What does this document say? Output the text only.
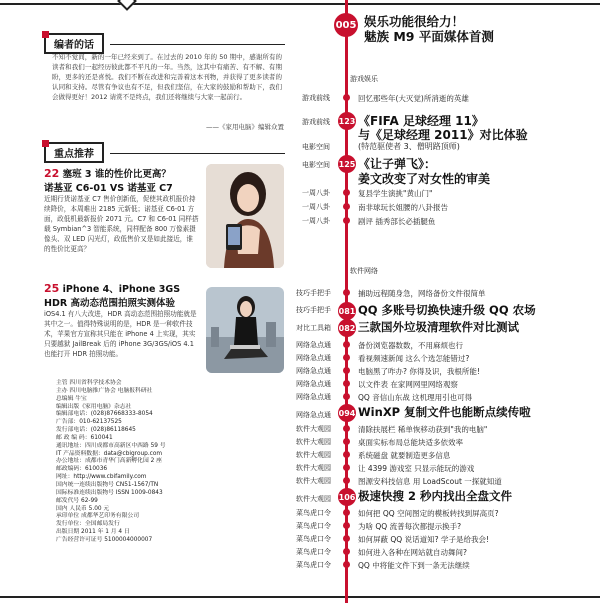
编者的话
不知不觉间，新的一年已经来到了。在过去的 2010 年的 50 期中，感谢所有的读者和我们一起经历彼此都不平凡的一年。当然，这其中有痛苦、有不解、有期盼，更多的还是喜悦。我们不断在改进和完善着这本刊物，并获得了更多读者的认同和支持。尽管有争议也有不足，但我们坚信，在大家的鼓励和帮助下，我们会做得更好！2012 请赏不是终点，我们还将继续与大家一起前行。
——《家用电脑》编辑众置
重点推荐
22 塞班 3 谁的性价比更高？
诺基亚 C6-01 VS 诺基亚 C7
近期行货诺基亚 C7 售价创新低，促使其政机报价持续降价，本周难出 2185 元新低；诺基亚 C6-01 方面，政低机最新报价 2071 元。C7 和 C6-01 同样搭载 Symbian^3 智能系统，同样配备 800 万像素摄像头、双 LED 闪光灯，政低售价又是如此接近，谁的性价比更高？
25 iPhone 4、iPhone 3GS
HDR 高动态范围拍照实测体验
iOS4.1 有八大改进，HDR 高动态范围拍照功能就是其中之一。值得特殊说明的是，HDR 是一种软件技术，苹果官方宣称其只能在 iPhone 4 上实现，其实只要越狱 JailBreak 后的 iPhone 3G/3GS/iOS 4.1 也能打开 HDR 拍照功能。
主管 四川省科学技术协会
主办 四川电脑推广协会 电脑报科研社
总编辑 牛宝
编辑出版《家用电脑》杂志社
编辑部电话：(028)87668333-8054
广告部：010-62137525
发行部电话：(028)86118645
邮 政 编 码：610041
通讯地址：四川成都市高新区中西路 59 号
IT 产品资料数据：data@cbigroup.com
办公地址：成都市青华门高新孵化园 2 座
邮政编码：610036
网址：http://www.cbifamily.com
国内统一连续出版物号 CN51-1567/TN
国际标准连续出版物号 ISSN 1009-0843
邮发代号 62-99
国内 人民币 5.00 元
承印单位 成都华艺印务有限公司
发行单位：全国邮局发行
出版日期 2011 年 1 月 4 日
广告经营许可证号 5100004000007
005 娱乐功能很给力！
魅族 M9 平面媒体首测
游戏娱乐
游戏前线	回忆那些年(大灭觉)所消逝的英雄
游戏前线 123 《FIFA 足球经理 11》
与《足球经理 2011》对比体验
电影空间	(特范驱使者 3、僧明路顶师)
电影空间 125 《让子弹飞》：
姜文改变了对女性的审美
一周八卦	复县学生演挑"黄山门"
一周八卦	南非球玩长姐腰的八卦报告
一周八卦	剧评 插秀部长必插腿鱼
软件网络
技巧手把手	捕助远程随身急，网络备份文件很简单
技巧手把手 081 QQ 多账号切换快速升级 QQ 农场
对比工具箱 082 三款国外垃圾清理软件对比测试
网络急点通	备份浏览器数数，不用麻烦也行
网络急点通	看视频速新闻 这么个选怎能错过?
网络急点通	电脑黑了咋办? 你得及识，我根所能!
网络急点通	以文件表 在家网网里网络观察
网络急点通	QQ 音信山东战 这机理用引也可得
网络急点通 094 WinXP 复制文件也能断点续传啦
软件大观园	清除扶展栏 稀单恢移动获到"我的电脑"
软件大观园	桌面实标布局总能块适多依效率
软件大观园	系统磁盘 就要制造更多信息
软件大观园	让 4399 游戏室 只显示能玩的游戏
软件大观园	图源安科技信息 用 LoadScout 一探就知道
软件大观园 106 极速快搜 2 秒内找出全盘文件
菜鸟虎口令	如何把 QQ 空间图定的模板转找到屏高页?
菜鸟虎口令	为啥 QQ 流普每次都提示换手?
菜鸟虎口令	如何屏蔽 QQ 说话道知? 学子是给我会!
菜鸟虎口令	如何进入各种在网站就自动舞间?
菜鸟虎口令	QQ 中将能文件下到一条无法继续
